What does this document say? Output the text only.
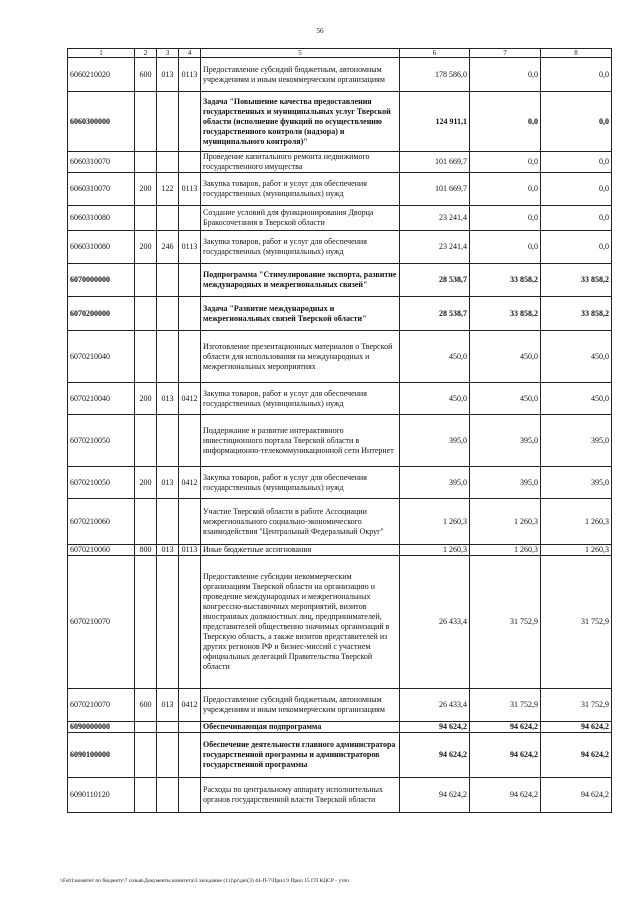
56
1	2	3	4	5	6	7	8
6060210020	600	013	0113	Предоставление субсидий бюджетным, автономным учреждениям и иным некоммерческим организациям	178 586,0	0,0	0,0
6060300000				Задача "Повышение качества предоставления государственных и муниципальных услуг Тверской области (исполнение функций по осуществлению государственного контроля (надзора) и муниципального контроля)"	124 911,1	0,0	0,0
6060310070				Проведение капитального ремонта недвижимого государственного имущества	101 669,7	0,0	0,0
6060310070	200	122	0113	Закупка товаров, работ и услуг для обеспечения государственных (муниципальных) нужд	101 669,7	0,0	0,0
6060310080				Создание условий для функционирования Дворца Бракосочетания в Тверской области	23 241,4	0,0	0,0
6060310080	200	246	0113	Закупка товаров, работ и услуг для обеспечения государственных (муниципальных) нужд	23 241,4	0,0	0,0
6070000000				Подпрограмма "Стимулирование экспорта, развитие международных и межрегиональных связей"	28 538,7	33 858,2	33 858,2
6070200000				Задача "Развитие международных и межрегиональных связей Тверской области"	28 538,7	33 858,2	33 858,2
6070210040				Изготовление презентационных материалов о Тверской области для использования на международных и межрегиональных мероприятиях	450,0	450,0	450,0
6070210040	200	013	0412	Закупка товаров, работ и услуг для обеспечения государственных (муниципальных) нужд	450,0	450,0	450,0
6070210050				Поддержание и развитие интерактивного инвестиционного портала Тверской области в информационно-телекоммуникационной сети Интернет	395,0	395,0	395,0
6070210050	200	013	0412	Закупка товаров, работ и услуг для обеспечения государственных (муниципальных) нужд	395,0	395,0	395,0
6070210060				Участие Тверской области в работе Ассоциации межрегионального социально-экономического взаимодействия "Центральный Федеральный Округ"	1 260,3	1 260,3	1 260,3
6070210060	800	013	0113	Иные бюджетные ассигнования	1 260,3	1 260,3	1 260,3
6070210070				Предоставление субсидии некоммерческим организациям Тверской области на организацию и проведение международных и межрегиональных конгрессно-выставочных мероприятий, визитов иностранных должностных лиц, предпринимателей, представителей общественно значимых организаций в Тверскую область, а также визитов представителей из других регионов РФ и бизнес-миссий с участием официальных делегаций Правительства Тверской области	26 433,4	31 752,9	31 752,9
6070210070	600	013	0412	Предоставление субсидий бюджетным, автономным учреждениям и иным некоммерческим организациям	26 433,4	31 752,9	31 752,9
6090000000				Обеспечивающая подпрограмма	94 624,2	94 624,2	94 624,2
6090100000				Обеспечение деятельности главного администратора государственной программы и администраторов государственной программы	94 624,2	94 624,2	94 624,2
6090110120				Расходы по центральному аппарату исполнительных органов государственной власти Тверской области	94 624,2	94 624,2	94 624,2
\\Fs01\комитет по бюджету\7 созыв\Документы комитета\3 заседание (11)\pr\дн\(3) 44-П-7\Прил 9 Прил 15 ГП КЦСР - уточ
